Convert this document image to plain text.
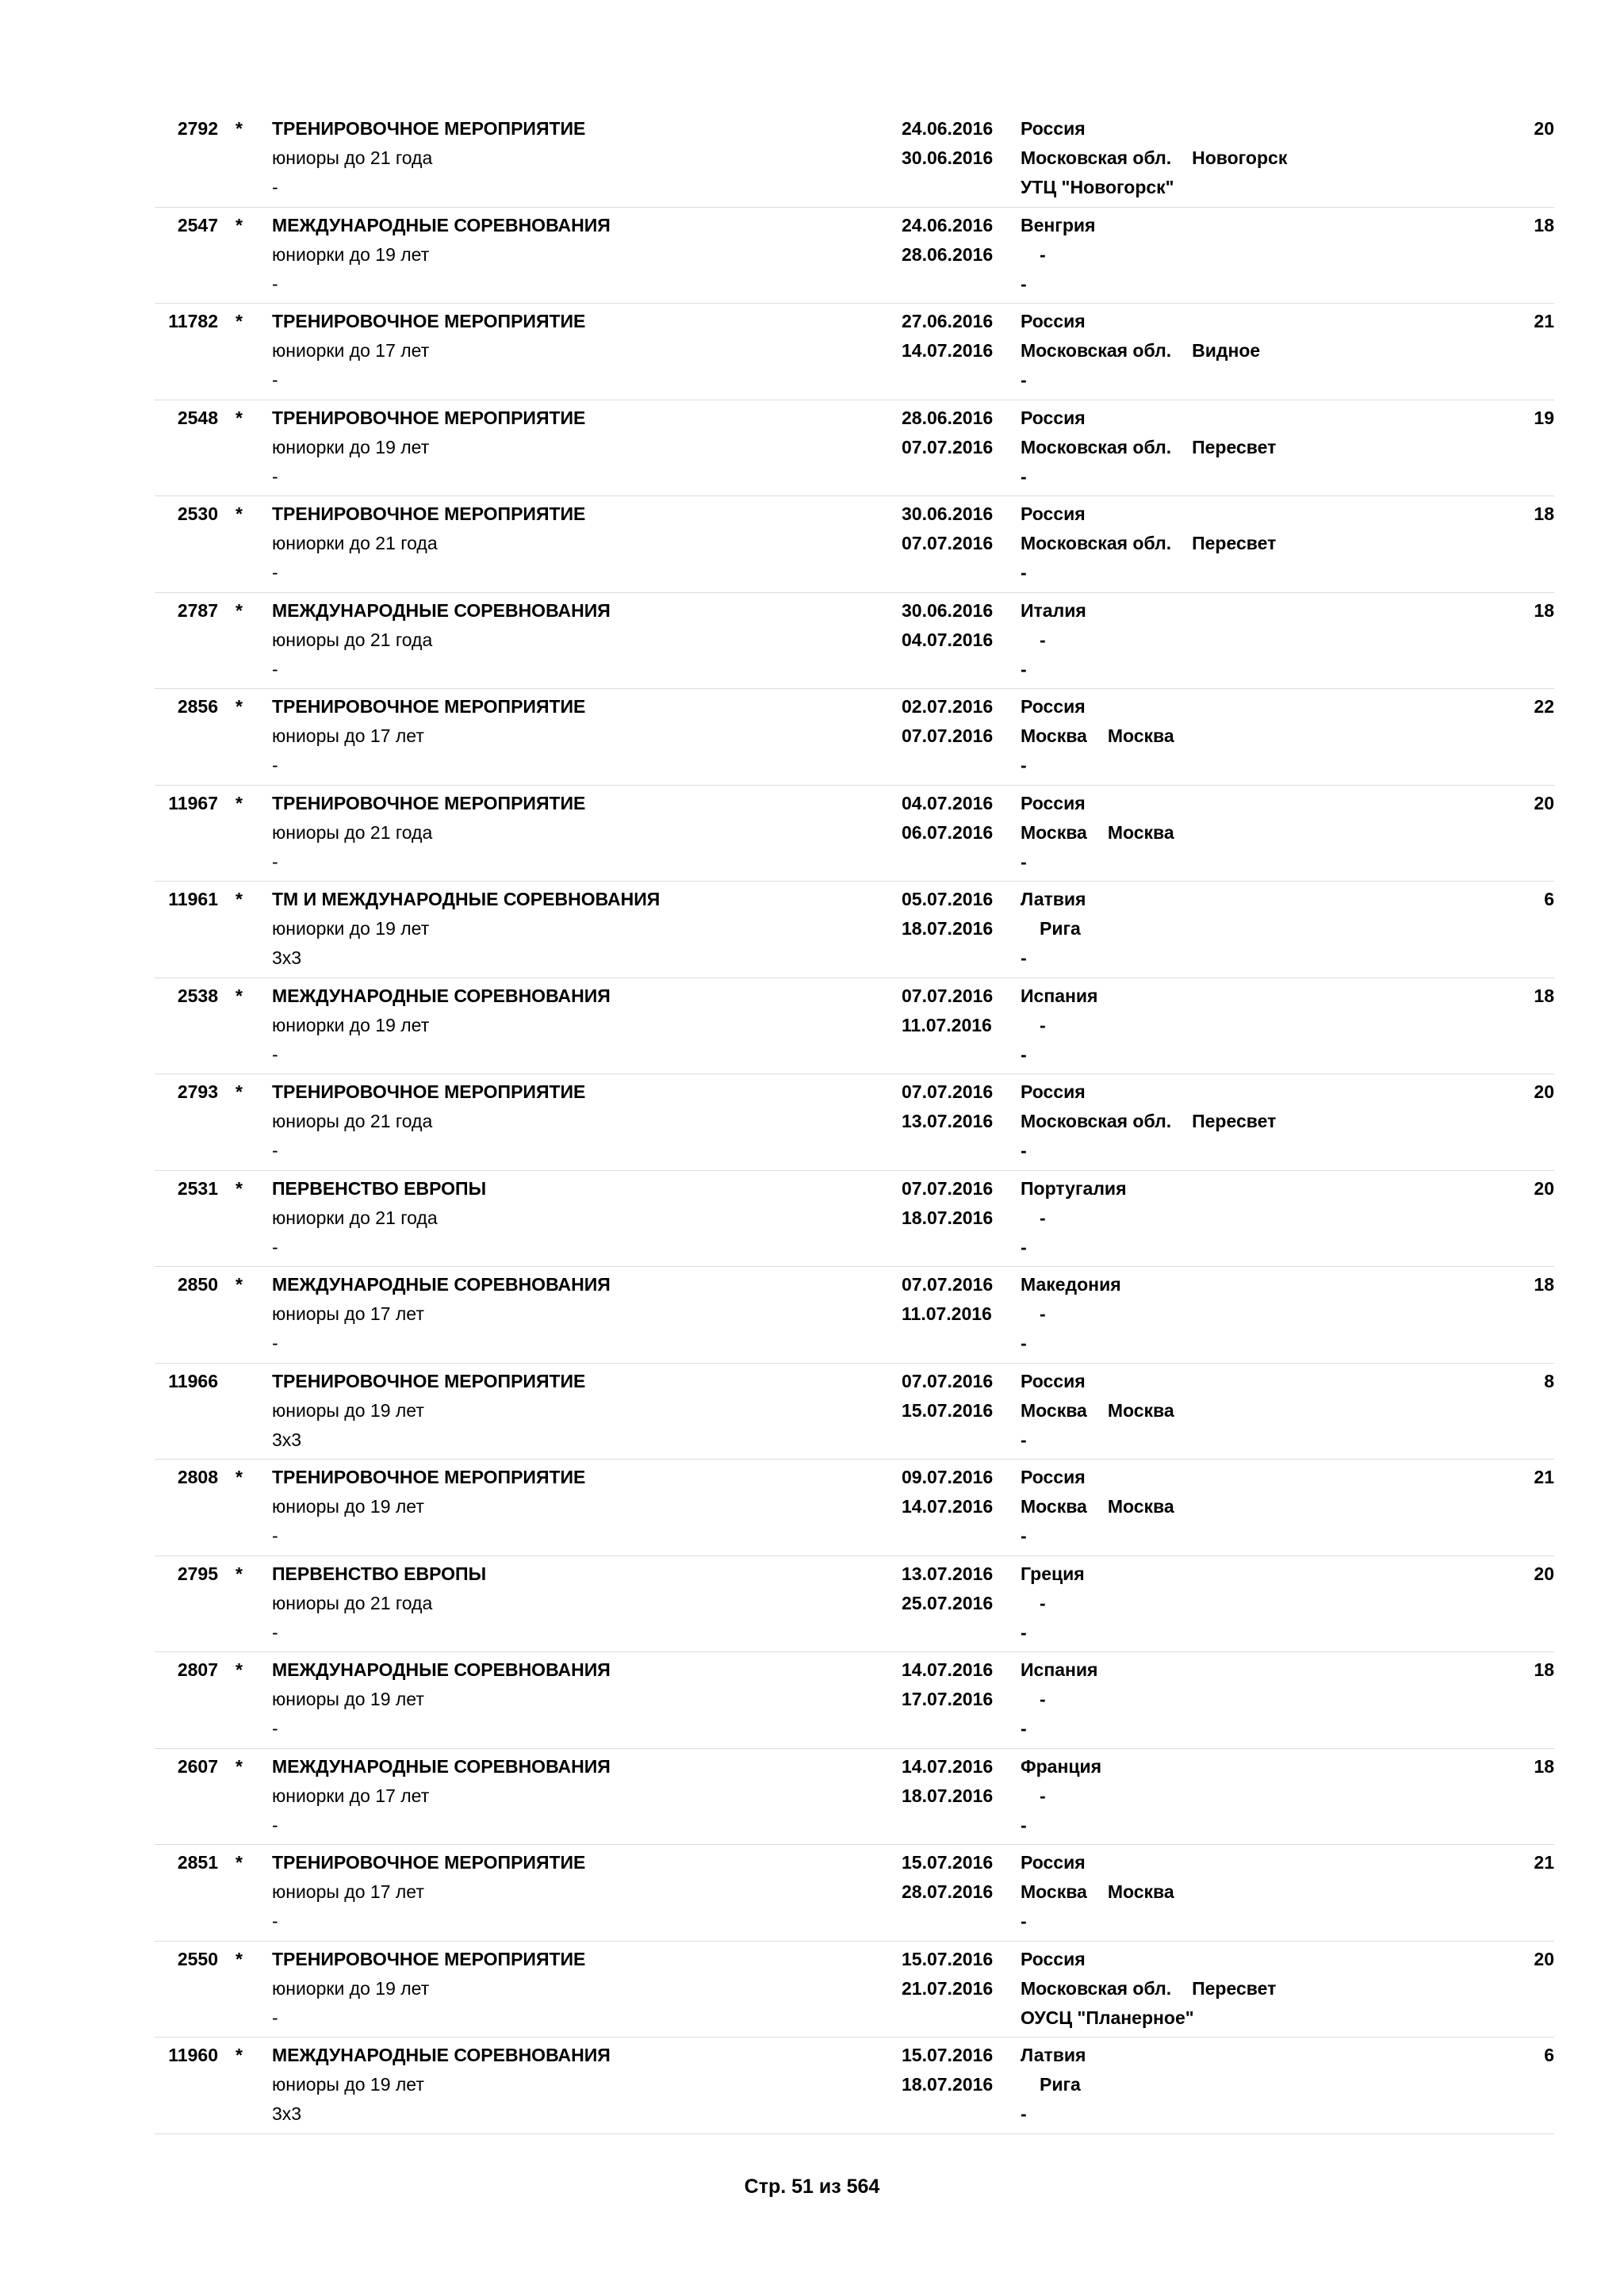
2792 * ТРЕНИРОВОЧНОЕ МЕРОПРИЯТИЕ
юниоры до 21 года
-
24.06.2016
30.06.2016
Россия
Московская обл. Новогорск
УТЦ "Новогорск"
20
2547 * МЕЖДУНАРОДНЫЕ СОРЕВНОВАНИЯ
юниорки до 19 лет
-
24.06.2016
28.06.2016
Венгрия
-
-
18
11782 * ТРЕНИРОВОЧНОЕ МЕРОПРИЯТИЕ
юниорки до 17 лет
-
27.06.2016
14.07.2016
Россия
Московская обл. Видное
-
21
2548 * ТРЕНИРОВОЧНОЕ МЕРОПРИЯТИЕ
юниорки до 19 лет
-
28.06.2016
07.07.2016
Россия
Московская обл. Пересвет
-
19
2530 * ТРЕНИРОВОЧНОЕ МЕРОПРИЯТИЕ
юниорки до 21 года
-
30.06.2016
07.07.2016
Россия
Московская обл. Пересвет
-
18
2787 * МЕЖДУНАРОДНЫЕ СОРЕВНОВАНИЯ
юниоры до 21 года
-
30.06.2016
04.07.2016
Италия
-
-
18
2856 * ТРЕНИРОВОЧНОЕ МЕРОПРИЯТИЕ
юниоры до 17 лет
-
02.07.2016
07.07.2016
Россия
Москва Москва
-
22
11967 * ТРЕНИРОВОЧНОЕ МЕРОПРИЯТИЕ
юниоры до 21 года
-
04.07.2016
06.07.2016
Россия
Москва Москва
-
20
11961 * ТМ И МЕЖДУНАРОДНЫЕ СОРЕВНОВАНИЯ
юниорки до 19 лет
3х3
05.07.2016
18.07.2016
Латвия
Рига
-
6
2538 * МЕЖДУНАРОДНЫЕ СОРЕВНОВАНИЯ
юниорки до 19 лет
-
07.07.2016
11.07.2016
Испания
-
-
18
2793 * ТРЕНИРОВОЧНОЕ МЕРОПРИЯТИЕ
юниоры до 21 года
-
07.07.2016
13.07.2016
Россия
Московская обл. Пересвет
-
20
2531 * ПЕРВЕНСТВО ЕВРОПЫ
юниорки до 21 года
-
07.07.2016
18.07.2016
Португалия
-
-
20
2850 * МЕЖДУНАРОДНЫЕ СОРЕВНОВАНИЯ
юниоры до 17 лет
-
07.07.2016
11.07.2016
Македония
-
-
18
11966	ТРЕНИРОВОЧНОЕ МЕРОПРИЯТИЕ
юниоры до 19 лет
3х3
07.07.2016
15.07.2016
Россия
Москва Москва
-
8
2808 * ТРЕНИРОВОЧНОЕ МЕРОПРИЯТИЕ
юниоры до 19 лет
-
09.07.2016
14.07.2016
Россия
Москва Москва
-
21
2795 * ПЕРВЕНСТВО ЕВРОПЫ
юниоры до 21 года
-
13.07.2016
25.07.2016
Греция
-
-
20
2807 * МЕЖДУНАРОДНЫЕ СОРЕВНОВАНИЯ
юниоры до 19 лет
-
14.07.2016
17.07.2016
Испания
-
-
18
2607 * МЕЖДУНАРОДНЫЕ СОРЕВНОВАНИЯ
юниорки до 17 лет
-
14.07.2016
18.07.2016
Франция
-
-
18
2851 * ТРЕНИРОВОЧНОЕ МЕРОПРИЯТИЕ
юниоры до 17 лет
-
15.07.2016
28.07.2016
Россия
Москва Москва
-
21
2550 * ТРЕНИРОВОЧНОЕ МЕРОПРИЯТИЕ
юниорки до 19 лет
-
15.07.2016
21.07.2016
Россия
Московская обл. Пересвет
ОУСЦ "Планерное"
20
11960 * МЕЖДУНАРОДНЫЕ СОРЕВНОВАНИЯ
юниоры до 19 лет
3х3
15.07.2016
18.07.2016
Латвия
Рига
-
6
Стр. 51 из 564
